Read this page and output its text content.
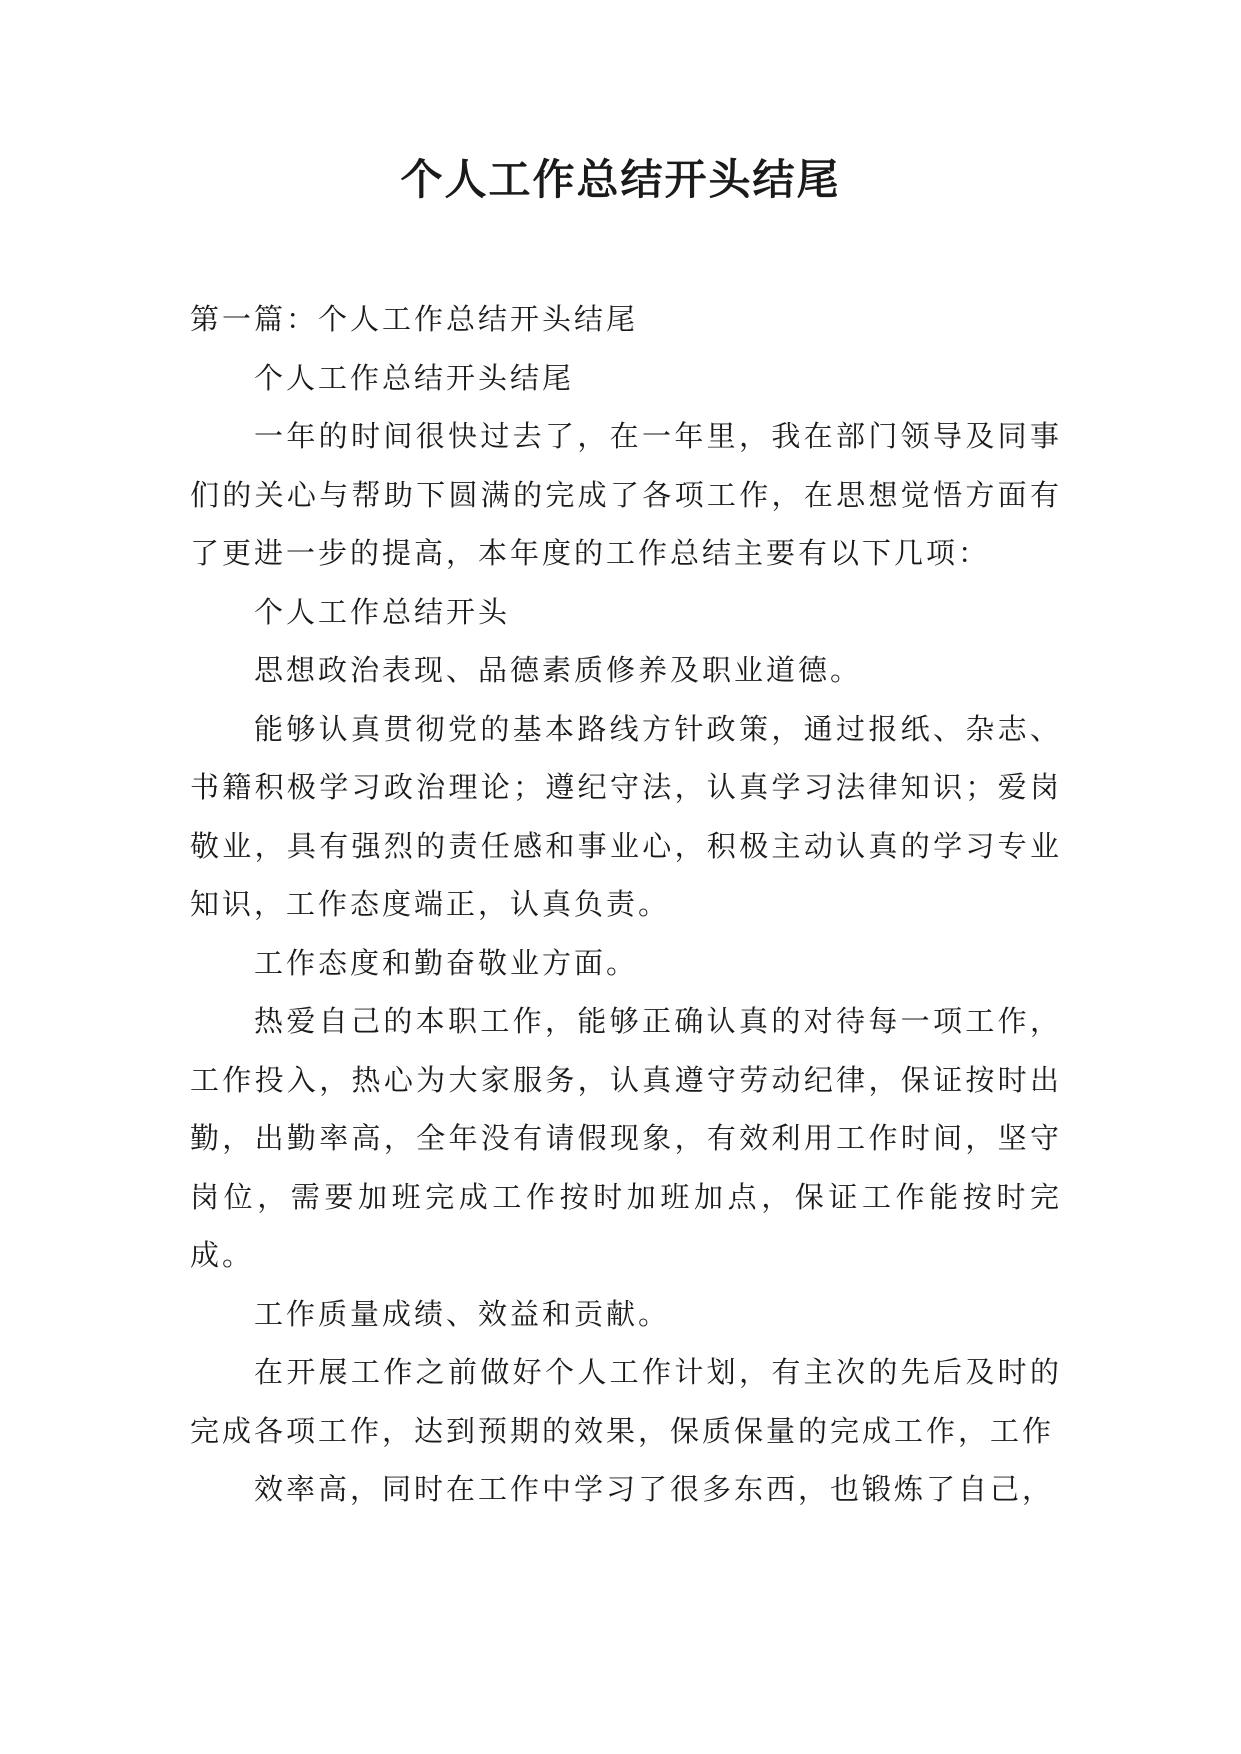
个人工作总结开头结尾

第一篇：个人工作总结开头结尾

个人工作总结开头结尾

一年的时间很快过去了，在一年里，我在部门领导及同事们的关心与帮助下圆满的完成了各项工作，在思想觉悟方面有了更进一步的提高，本年度的工作总结主要有以下几项：

个人工作总结开头

思想政治表现、品德素质修养及职业道德。

能够认真贯彻党的基本路线方针政策，通过报纸、杂志、书籍积极学习政治理论；遵纪守法，认真学习法律知识；爱岗敬业，具有强烈的责任感和事业心，积极主动认真的学习专业知识，工作态度端正，认真负责。

工作态度和勤奋敬业方面。

热爱自己的本职工作，能够正确认真的对待每一项工作，工作投入，热心为大家服务，认真遵守劳动纪律，保证按时出勤，出勤率高，全年没有请假现象，有效利用工作时间，坚守岗位，需要加班完成工作按时加班加点，保证工作能按时完成。

工作质量成绩、效益和贡献。

在开展工作之前做好个人工作计划，有主次的先后及时的完成各项工作，达到预期的效果，保质保量的完成工作，工作

效率高，同时在工作中学习了很多东西，也锻炼了自己，
